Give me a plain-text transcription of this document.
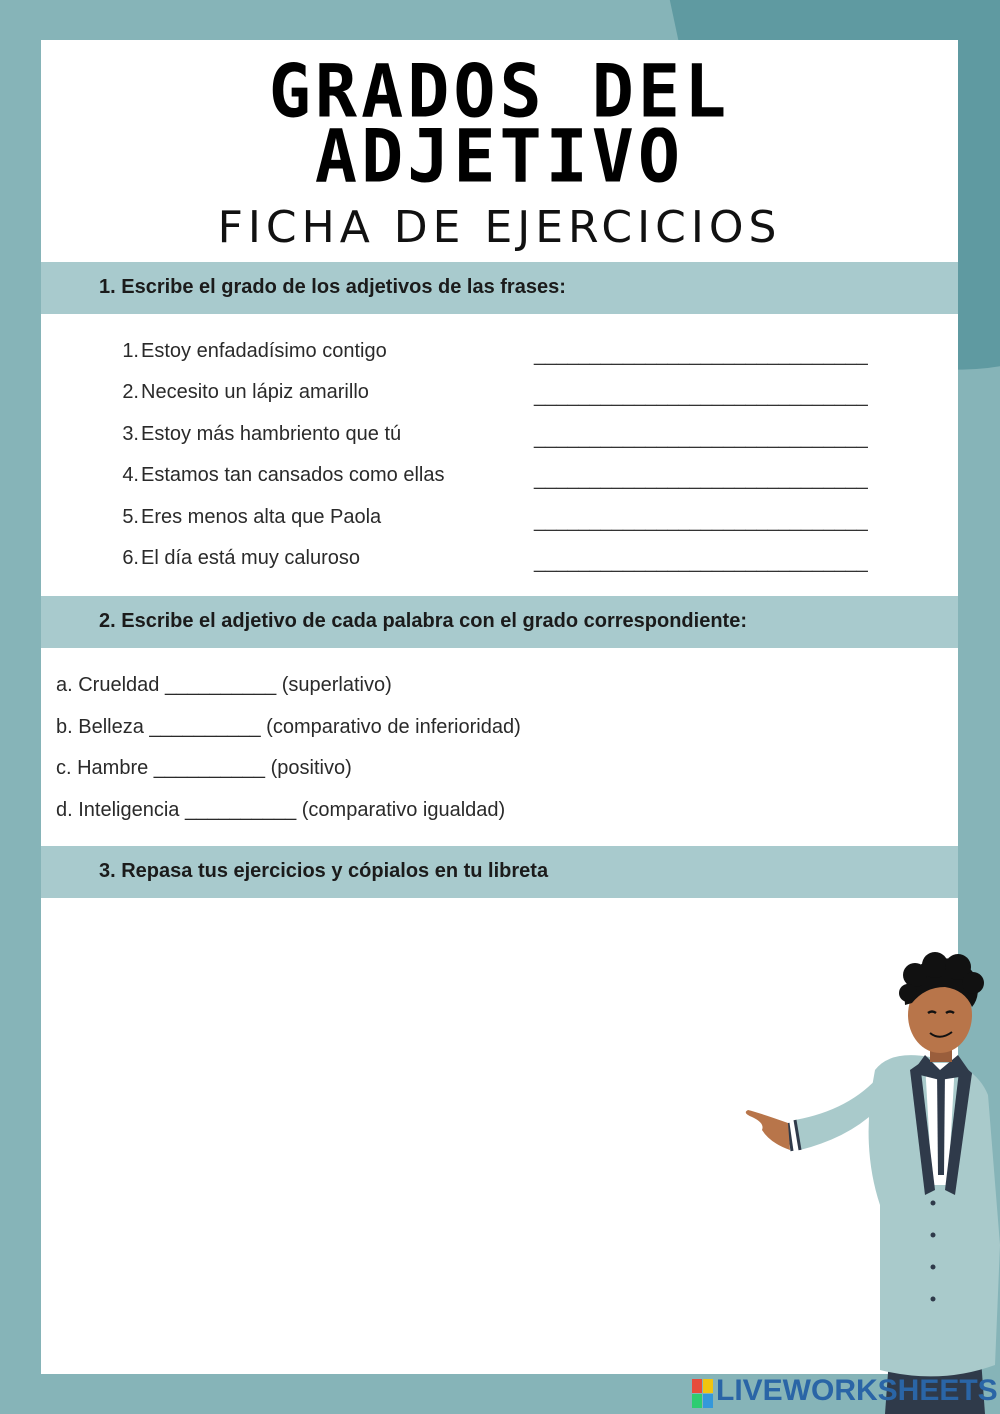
GRADOS DEL
ADJETIVO
FICHA DE EJERCICIOS
1. Escribe el grado de los adjetivos de las frases:
1. Estoy enfadadísimo contigo	______________________________
2. Necesito un lápiz amarillo	______________________________
3. Estoy más hambriento que tú	______________________________
4. Estamos tan cansados como ellas	______________________________
5. Eres menos alta que Paola	______________________________
6. El día está muy caluroso	______________________________
2. Escribe el adjetivo de cada palabra con el grado correspondiente:
a. Crueldad __________ (superlativo)
b. Belleza __________ (comparativo de inferioridad)
c. Hambre __________ (positivo)
d. Inteligencia __________ (comparativo igualdad)
3. Repasa tus ejercicios y cópialos en tu libreta
LIVEWORKSHEETS
